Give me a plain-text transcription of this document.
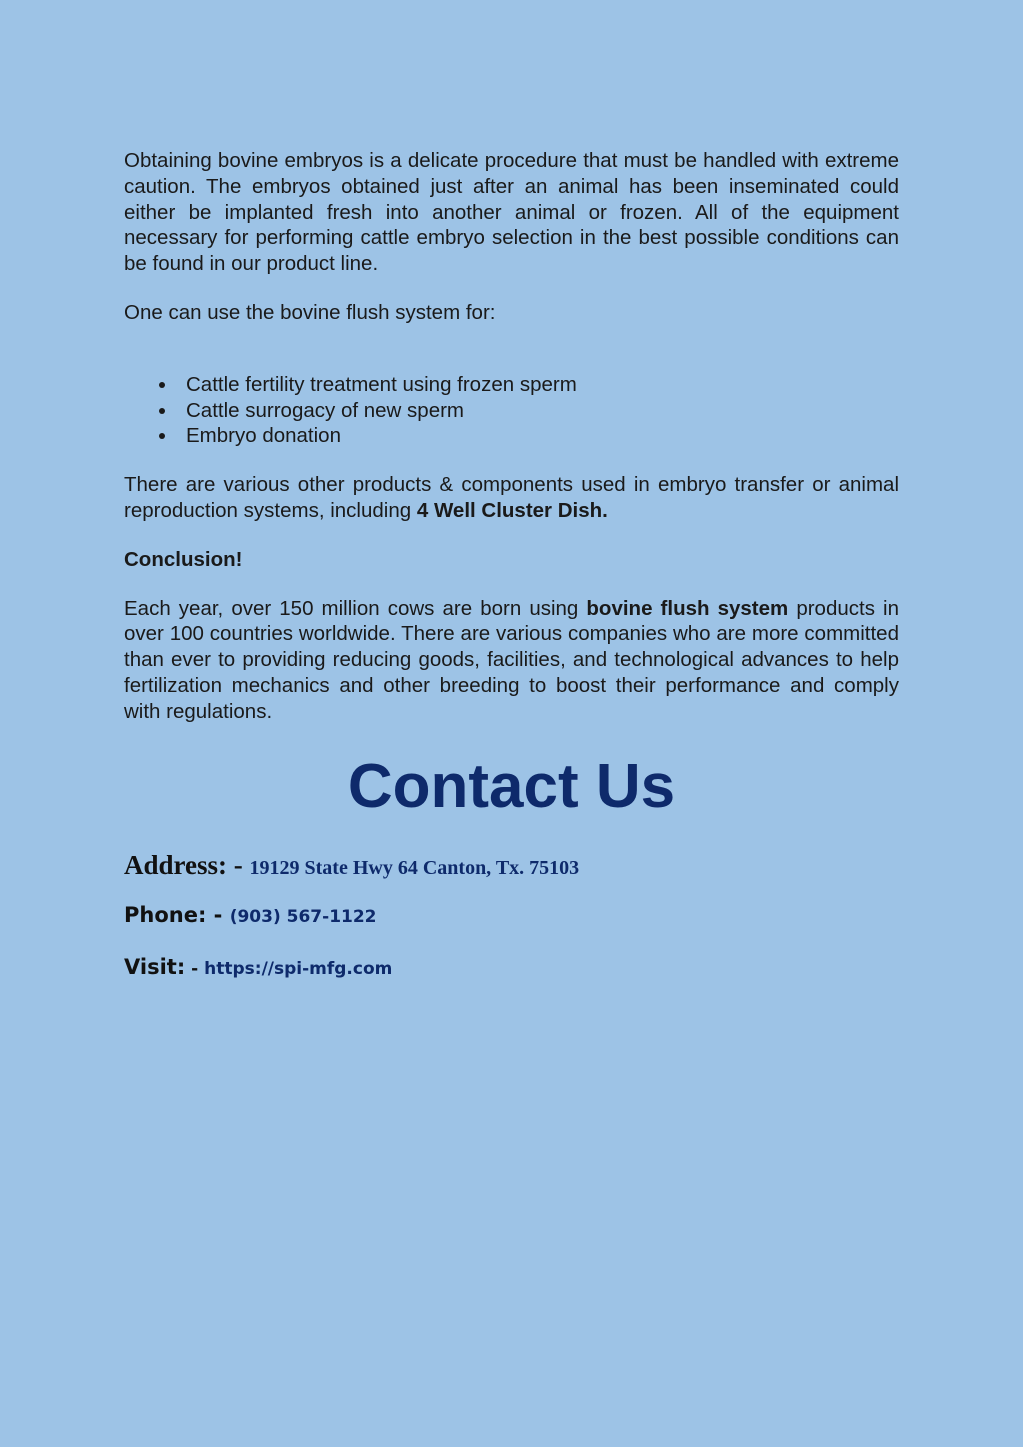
Obtaining bovine embryos is a delicate procedure that must be handled with extreme caution. The embryos obtained just after an animal has been inseminated could either be implanted fresh into another animal or frozen. All of the equipment necessary for performing cattle embryo selection in the best possible conditions can be found in our product line.

One can use the bovine flush system for:

Cattle fertility treatment using frozen sperm
Cattle surrogacy of new sperm
Embryo donation

There are various other products & components used in embryo transfer or animal reproduction systems, including 4 Well Cluster Dish.

Conclusion!

Each year, over 150 million cows are born using bovine flush system products in over 100 countries worldwide. There are various companies who are more committed than ever to providing reducing goods, facilities, and technological advances to help fertilization mechanics and other breeding to boost their performance and comply with regulations.

Contact Us

Address: - 19129 State Hwy 64 Canton, Tx. 75103

Phone: - (903) 567-1122

Visit: - https://spi-mfg.com
